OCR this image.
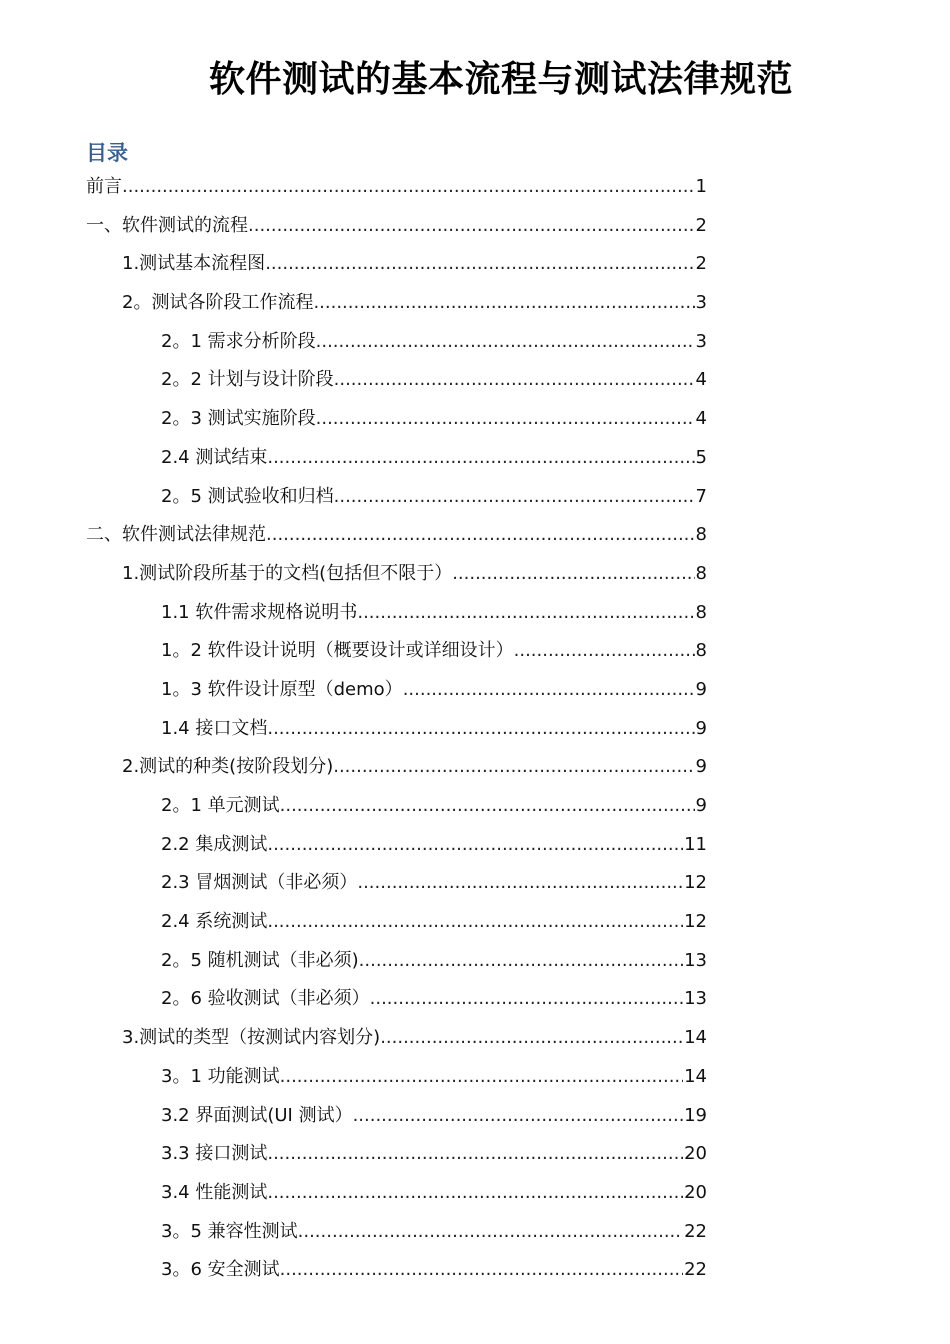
软件测试的基本流程与测试法律规范
目录
前言 .....	1
一、软件测试的流程 .....	2
1.测试基本流程图 .....	2
2。测试各阶段工作流程 .....	3
2。1 需求分析阶段 .....	3
2。2 计划与设计阶段 .....	4
2。3 测试实施阶段 .....	4
2.4 测试结束 .....	5
2。5 测试验收和归档 .....	7
二、软件测试法律规范 .....	8
1.测试阶段所基于的文档(包括但不限于） .....	8
1.1 软件需求规格说明书 .....	8
1。2 软件设计说明（概要设计或详细设计） .....	8
1。3 软件设计原型（demo） .....	9
1.4 接口文档 .....	9
2.测试的种类(按阶段划分) .....	9
2。1 单元测试 .....	9
2.2 集成测试 .....	11
2.3 冒烟测试（非必须） .....	12
2.4 系统测试 .....	12
2。5 随机测试（非必须) .....	13
2。6 验收测试（非必须） .....	13
3.测试的类型（按测试内容划分) .....	14
3。1 功能测试 .....	14
3.2 界面测试(UI 测试） .....	19
3.3 接口测试 .....	20
3.4 性能测试 .....	20
3。5 兼容性测试 .....	22
3。6 安全测试 .....	22
